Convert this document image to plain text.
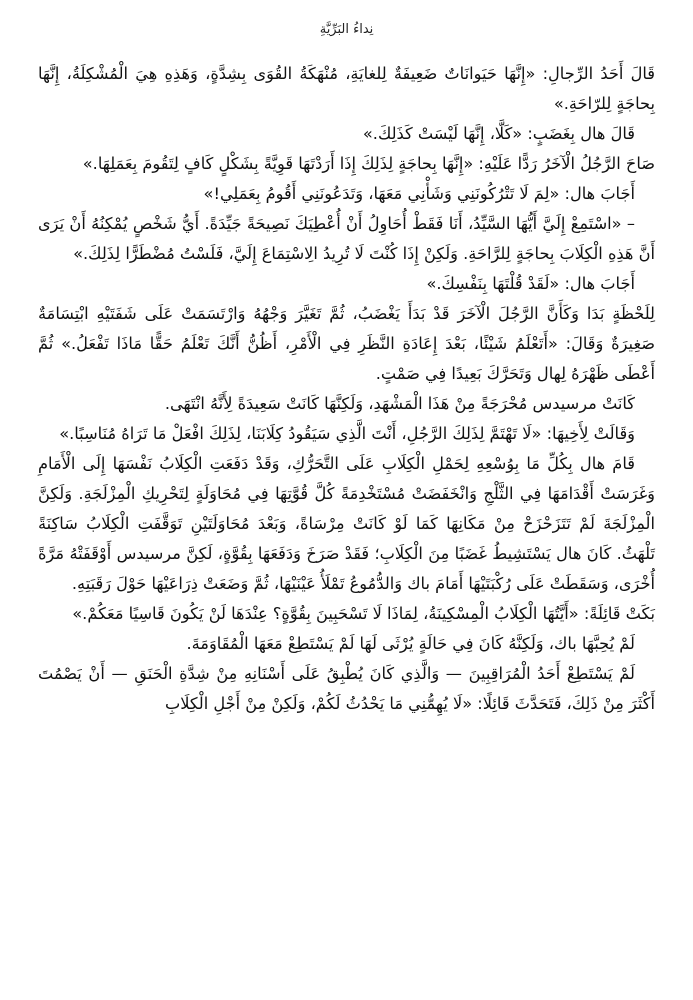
نِداءُ البَرِّيَّةِ

قَالَ أَحَدُ الرِّجالِ: «إِنَّهَا حَيَوانَاتٌ ضَعِيفَةٌ لِلغايَةِ، مُنْهَكَةُ القُوَى بِشِدَّةٍ، وَهَذِهِ هِيَ الْمُشْكِلَةُ، إِنَّهَا بِحاجَةٍ لِلرّاحَةِ.»

قَالَ هال بِغَضَبٍ: «كَلَّا، إِنَّهَا لَيْسَتْ كَذَلِكَ.»

صَاحَ الرَّجُلُ الْآخَرُ رَدًّا عَلَيْهِ: «إِنَّهَا بِحاجَةٍ لِذَلِكَ إِذَا أَرَدْتَهَا قَوِيَّةً بِشَكْلٍ كَافٍ لِتَقُومَ بِعَمَلِهَا.»

أَجَابَ هال: «لِمَ لَا تَتْرُكُونَنِي وَشَأْنِي مَعَهَا، وَتَدَعُونَنِي أَقُومُ بِعَمَلِي!»

– «اسْتَمِعْ إِلَيَّ أَيُّهَا السَّيِّدُ، أَنَا فَقَطْ أُحَاوِلُ أَنْ أُعْطِيَكَ نَصِيحَةً جَيِّدَةً. أَيُّ شَخْصٍ يُمْكِنُهُ أَنْ يَرَى أَنَّ هَذِهِ الْكِلَابَ بِحاجَةٍ لِلرَّاحَةِ. وَلَكِنْ إِذَا كُنْتَ لَا تُرِيدُ الِاسْتِمَاعَ إِلَيَّ، فَلَسْتُ مُضْطَرًّا لِذَلِكَ.»

أَجَابَ هال: «لَقَدْ قُلْتَهَا بِنَفْسِكَ.»

لِلَحْظَةٍ بَدَا وَكَأَنَّ الرَّجُلَ الْآخَرَ قَدْ بَدَأَ يَغْضَبُ، ثُمَّ تَغَيَّرَ وَجْهُهُ وَارْتَسَمَتْ عَلَى شَفَتَيْهِ ابْتِسَامَةٌ صَغِيرَةٌ وَقَالَ: «أَتَعْلَمُ شَيْئًا، بَعْدَ إِعَادَةِ النَّظَرِ فِي الْأَمْرِ، أَظُنُّ أَنَّكَ تَعْلَمُ حَقًّا مَاذَا تَفْعَلُ.» ثُمَّ أَعْطَى ظَهْرَهُ لِهال وَتَحَرَّكَ بَعِيدًا فِي صَمْتٍ.

كَانَتْ مرسيدس مُحْرَجَةً مِنْ هَذَا الْمَشْهَدِ، وَلَكِنَّهَا كَانَتْ سَعِيدَةً لِأَنَّهُ انْتَهَى.

وَقَالَتْ لِأَخِيهَا: «لَا تَهْتَمَّ لِذَلِكَ الرَّجُلِ، أَنْتَ الَّذِي سَيَقُودُ كِلَابَنَا، لِذَلِكَ افْعَلْ مَا تَرَاهُ مُنَاسِبًا.»

قَامَ هال بِكُلِّ مَا بِوُسْعِهِ لِحَمْلِ الْكِلَابِ عَلَى التَّحَرُّكِ، وَقَدْ دَفَعَتِ الْكِلَابُ نَفْسَهَا إِلَى الْأَمَامِ وَغَرَسَتْ أَقْدَامَهَا فِي الثَّلْجِ وَانْخَفَضَتْ مُسْتَخْدِمَةً كُلَّ قُوَّتِهَا فِي مُحَاوَلَةٍ لِتَحْرِيكِ الْمِزْلَجَةِ. وَلَكِنَّ الْمِزْلَجَةَ لَمْ تَتَزَحْزَحْ مِنْ مَكَانِهَا كَمَا لَوْ كَانَتْ مِرْسَاةً، وَبَعْدَ مُحَاوَلَتَيْنِ تَوَقَّفَتِ الْكِلَابُ سَاكِنَةً تَلْهَثُ. كَانَ هال يَسْتَشِيطُ غَضَبًا مِنَ الْكِلَابِ؛ فَقَدْ صَرَخَ وَدَفَعَهَا بِقُوَّةٍ، لَكِنَّ مرسيدس أَوْقَفَتْهُ مَرَّةً أُخْرَى، وَسَقَطَتْ عَلَى رُكْبَتَيْهَا أَمَامَ باك وَالدُّمُوعُ تَمْلَأُ عَيْنَيْهَا، ثُمَّ وَضَعَتْ ذِرَاعَيْهَا حَوْلَ رَقَبَتِهِ.

بَكَتْ قَائِلَةً: «أَيَّتُهَا الْكِلَابُ الْمِسْكِينَةُ، لِمَاذَا لَا تَسْحَبِينَ بِقُوَّةٍ؟ عِنْدَهَا لَنْ يَكُونَ قَاسِيًا مَعَكُمْ.»

لَمْ يُحِبَّهَا باك، وَلَكِنَّهُ كَانَ فِي حَالَةٍ يُرْثَى لَهَا لَمْ يَسْتَطِعْ مَعَهَا الْمُقَاوَمَةَ.

لَمْ يَسْتَطِعْ أَحَدُ الْمُرَاقِبِينَ — وَالَّذِي كَانَ يُطْبِقُ عَلَى أَسْنَانِهِ مِنْ شِدَّةِ الْحَنَقِ — أَنْ يَصْمُتَ أَكْثَرَ مِنْ ذَلِكَ، فَتَحَدَّثَ قَائِلًا: «لَا يُهِمُّنِي مَا يَحْدُثُ لَكُمْ، وَلَكِنْ مِنْ أَجْلِ الْكِلَابِ
